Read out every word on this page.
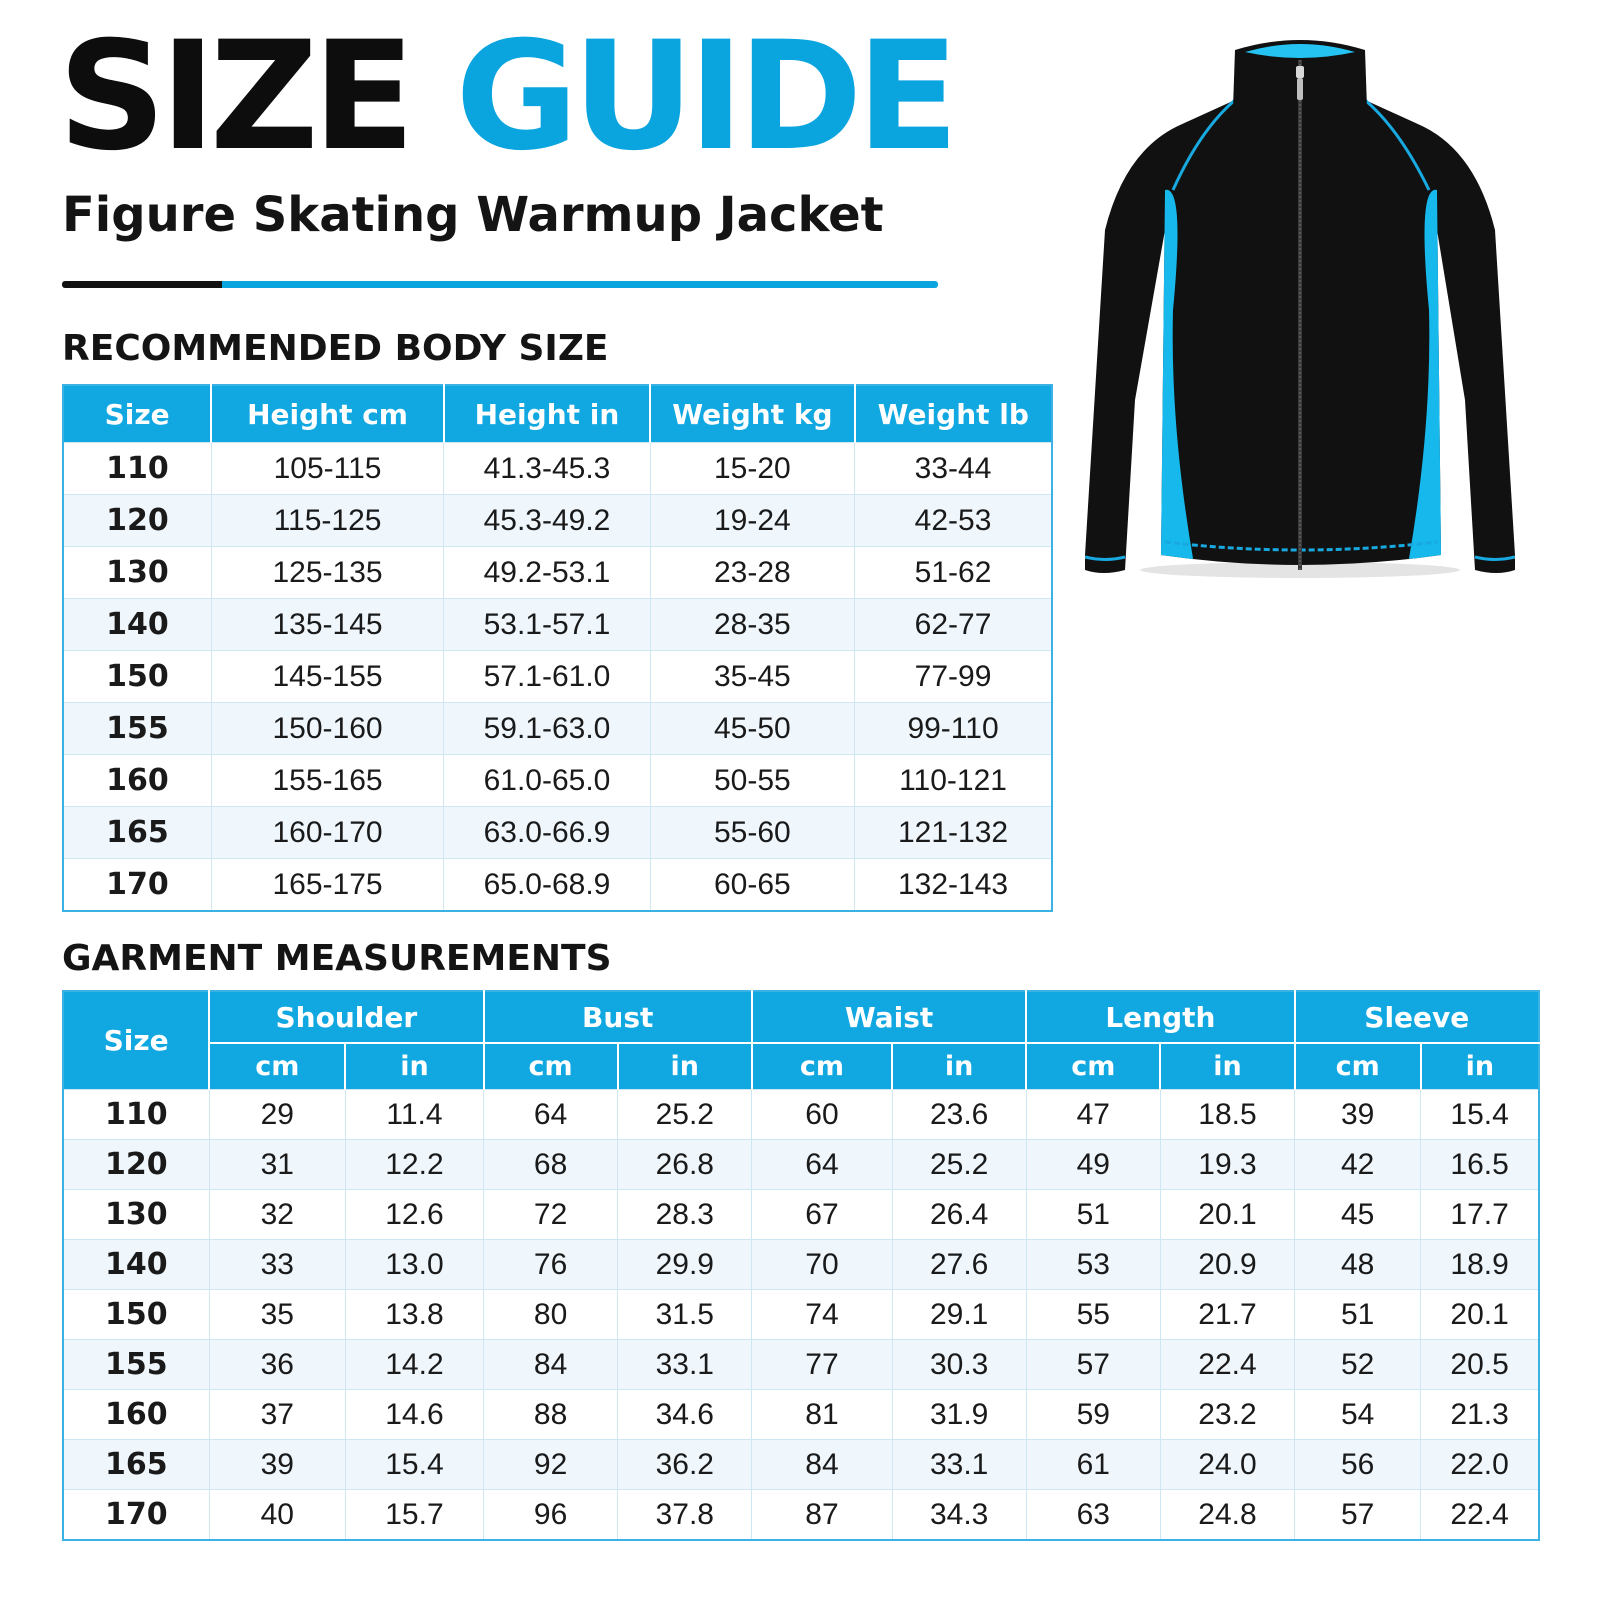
SIZE GUIDE
Figure Skating Warmup Jacket
RECOMMENDED BODY SIZE
Size	Height cm	Height in	Weight kg	Weight lb
110	105-115	41.3-45.3	15-20	33-44
120	115-125	45.3-49.2	19-24	42-53
130	125-135	49.2-53.1	23-28	51-62
140	135-145	53.1-57.1	28-35	62-77
150	145-155	57.1-61.0	35-45	77-99
155	150-160	59.1-63.0	45-50	99-110
160	155-165	61.0-65.0	50-55	110-121
165	160-170	63.0-66.9	55-60	121-132
170	165-175	65.0-68.9	60-65	132-143
GARMENT MEASUREMENTS
Size	Shoulder		Bust		Waist		Length		Sleeve	
	cm	in	cm	in	cm	in	cm	in	cm	in
110	29	11.4	64	25.2	60	23.6	47	18.5	39	15.4
120	31	12.2	68	26.8	64	25.2	49	19.3	42	16.5
130	32	12.6	72	28.3	67	26.4	51	20.1	45	17.7
140	33	13.0	76	29.9	70	27.6	53	20.9	48	18.9
150	35	13.8	80	31.5	74	29.1	55	21.7	51	20.1
155	36	14.2	84	33.1	77	30.3	57	22.4	52	20.5
160	37	14.6	88	34.6	81	31.9	59	23.2	54	21.3
165	39	15.4	92	36.2	84	33.1	61	24.0	56	22.0
170	40	15.7	96	37.8	87	34.3	63	24.8	57	22.4
